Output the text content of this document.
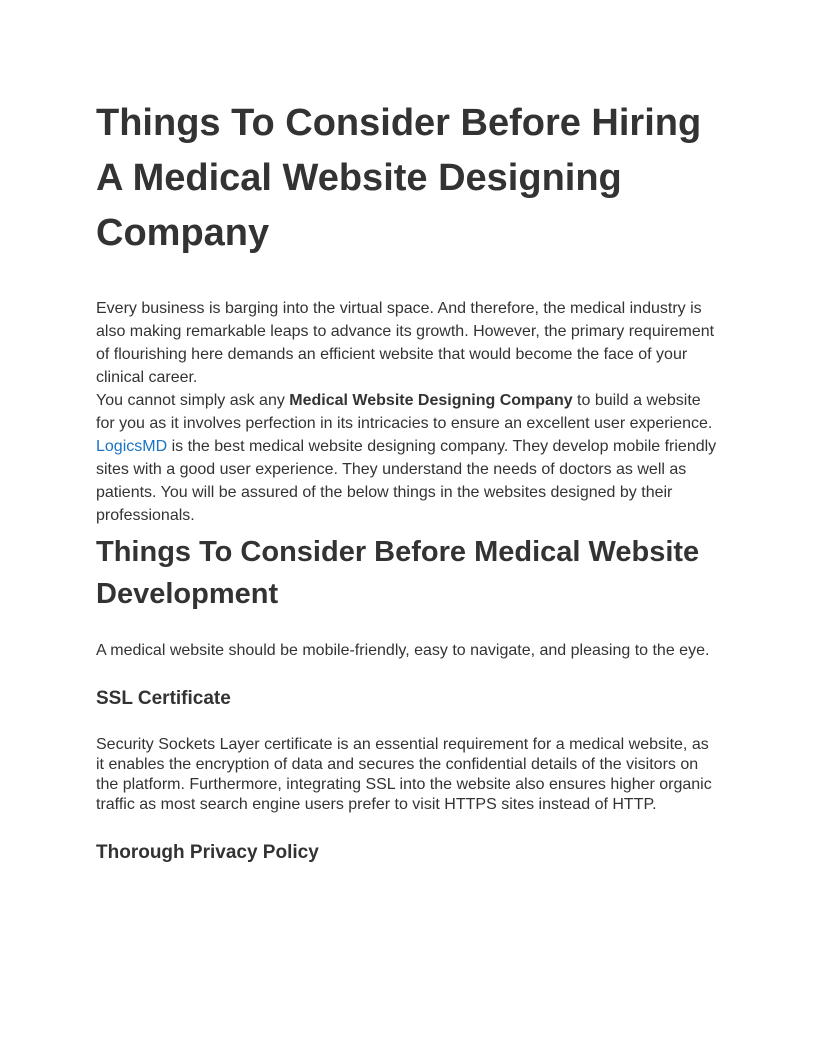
Things To Consider Before Hiring A Medical Website Designing Company

Every business is barging into the virtual space. And therefore, the medical industry is also making remarkable leaps to advance its growth. However, the primary requirement of flourishing here demands an efficient website that would become the face of your clinical career.

You cannot simply ask any Medical Website Designing Company to build a website for you as it involves perfection in its intricacies to ensure an excellent user experience.

LogicsMD is the best medical website designing company. They develop mobile friendly sites with a good user experience. They understand the needs of doctors as well as patients. You will be assured of the below things in the websites designed by their professionals.

Things To Consider Before Medical Website Development

A medical website should be mobile-friendly, easy to navigate, and pleasing to the eye.

SSL Certificate

Security Sockets Layer certificate is an essential requirement for a medical website, as it enables the encryption of data and secures the confidential details of the visitors on the platform. Furthermore, integrating SSL into the website also ensures higher organic traffic as most search engine users prefer to visit HTTPS sites instead of HTTP.

Thorough Privacy Policy
